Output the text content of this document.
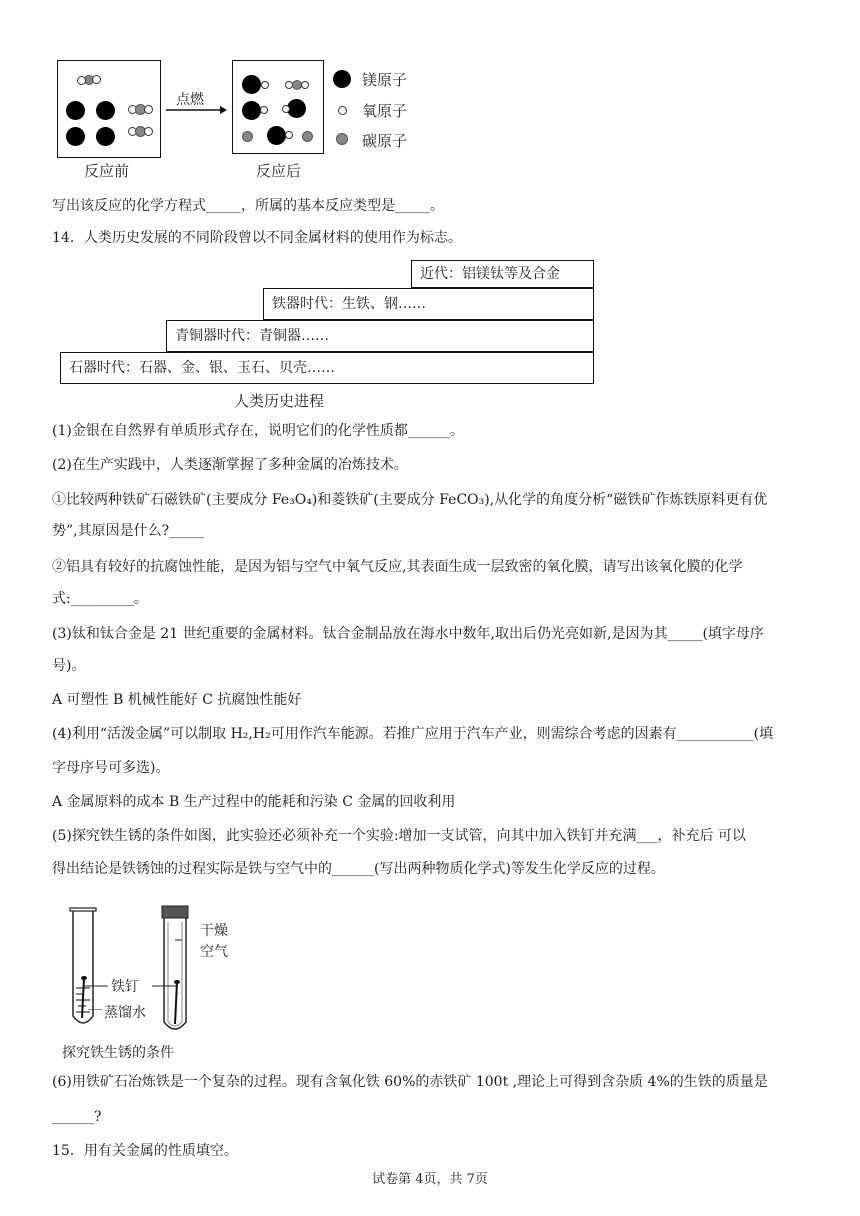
反应前
点燃
反应后
镁原子
氧原子
碳原子
写出该反应的化学方程式_____，所属的基本反应类型是_____。
14．人类历史发展的不同阶段曾以不同金属材料的使用作为标志。
近代：铝镁钛等及合金
铁器时代：生铁、钢……
青铜器时代：青铜器……
石器时代：石器、金、银、玉石、贝壳……
人类历史进程
(1)金银在自然界有单质形式存在，说明它们的化学性质都______。
(2)在生产实践中，人类逐渐掌握了多种金属的冶炼技术。
①比较两种铁矿石磁铁矿(主要成分 Fe₃O₄)和菱铁矿(主要成分 FeCO₃),从化学的角度分析“磁铁矿作炼铁原料更有优
势”,其原因是什么?_____
②铝具有较好的抗腐蚀性能，是因为铝与空气中氧气反应,其表面生成一层致密的氧化膜，请写出该氧化膜的化学
式:_________。
(3)钛和钛合金是 21 世纪重要的金属材料。钛合金制品放在海水中数年,取出后仍光亮如新,是因为其_____(填字母序
号)。
A 可塑性 B 机械性能好 C 抗腐蚀性能好
(4)利用“活泼金属”可以制取 H₂,H₂可用作汽车能源。若推广应用于汽车产业，则需综合考虑的因素有___________(填
字母序号可多选)。
A 金属原料的成本 B 生产过程中的能耗和污染 C 金属的回收利用
(5)探究铁生锈的条件如图，此实验还必须补充一个实验:增加一支试管，向其中加入铁钉并充满___，补充后 可以
得出结论是铁锈蚀的过程实际是铁与空气中的______(写出两种物质化学式)等发生化学反应的过程。
铁钉
蒸馏水
干燥
空气
探究铁生锈的条件
(6)用铁矿石冶炼铁是一个复杂的过程。现有含氧化铁 60%的赤铁矿 100t ,理论上可得到含杂质 4%的生铁的质量是
______?
15．用有关金属的性质填空。
试卷第 4页，共 7页
